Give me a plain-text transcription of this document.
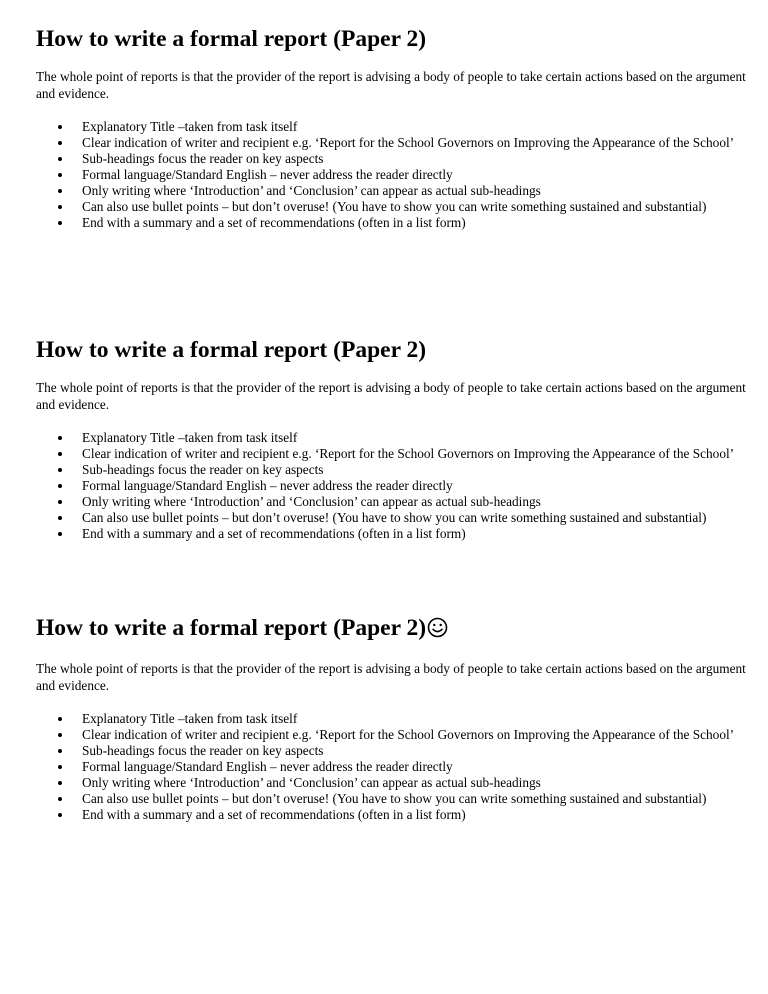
How to write a formal report (Paper 2)

The whole point of reports is that the provider of the report is advising a body of people to take certain actions based on the argument and evidence.

Explanatory Title –taken from task itself
Clear indication of writer and recipient e.g. ‘Report for the School Governors on Improving the Appearance of the School’
Sub-headings focus the reader on key aspects
Formal language/Standard English – never address the reader directly
Only writing where ‘Introduction’ and ‘Conclusion’ can appear as actual sub-headings
Can also use bullet points – but don’t overuse! (You have to show you can write something sustained and substantial)
End with a summary and a set of recommendations (often in a list form)
How to write a formal report (Paper 2)

The whole point of reports is that the provider of the report is advising a body of people to take certain actions based on the argument and evidence.

Explanatory Title –taken from task itself
Clear indication of writer and recipient e.g. ‘Report for the School Governors on Improving the Appearance of the School’
Sub-headings focus the reader on key aspects
Formal language/Standard English – never address the reader directly
Only writing where ‘Introduction’ and ‘Conclusion’ can appear as actual sub-headings
Can also use bullet points – but don’t overuse! (You have to show you can write something sustained and substantial)
End with a summary and a set of recommendations (often in a list form)
How to write a formal report (Paper 2)

The whole point of reports is that the provider of the report is advising a body of people to take certain actions based on the argument and evidence.

Explanatory Title –taken from task itself
Clear indication of writer and recipient e.g. ‘Report for the School Governors on Improving the Appearance of the School’
Sub-headings focus the reader on key aspects
Formal language/Standard English – never address the reader directly
Only writing where ‘Introduction’ and ‘Conclusion’ can appear as actual sub-headings
Can also use bullet points – but don’t overuse! (You have to show you can write something sustained and substantial)
End with a summary and a set of recommendations (often in a list form)
